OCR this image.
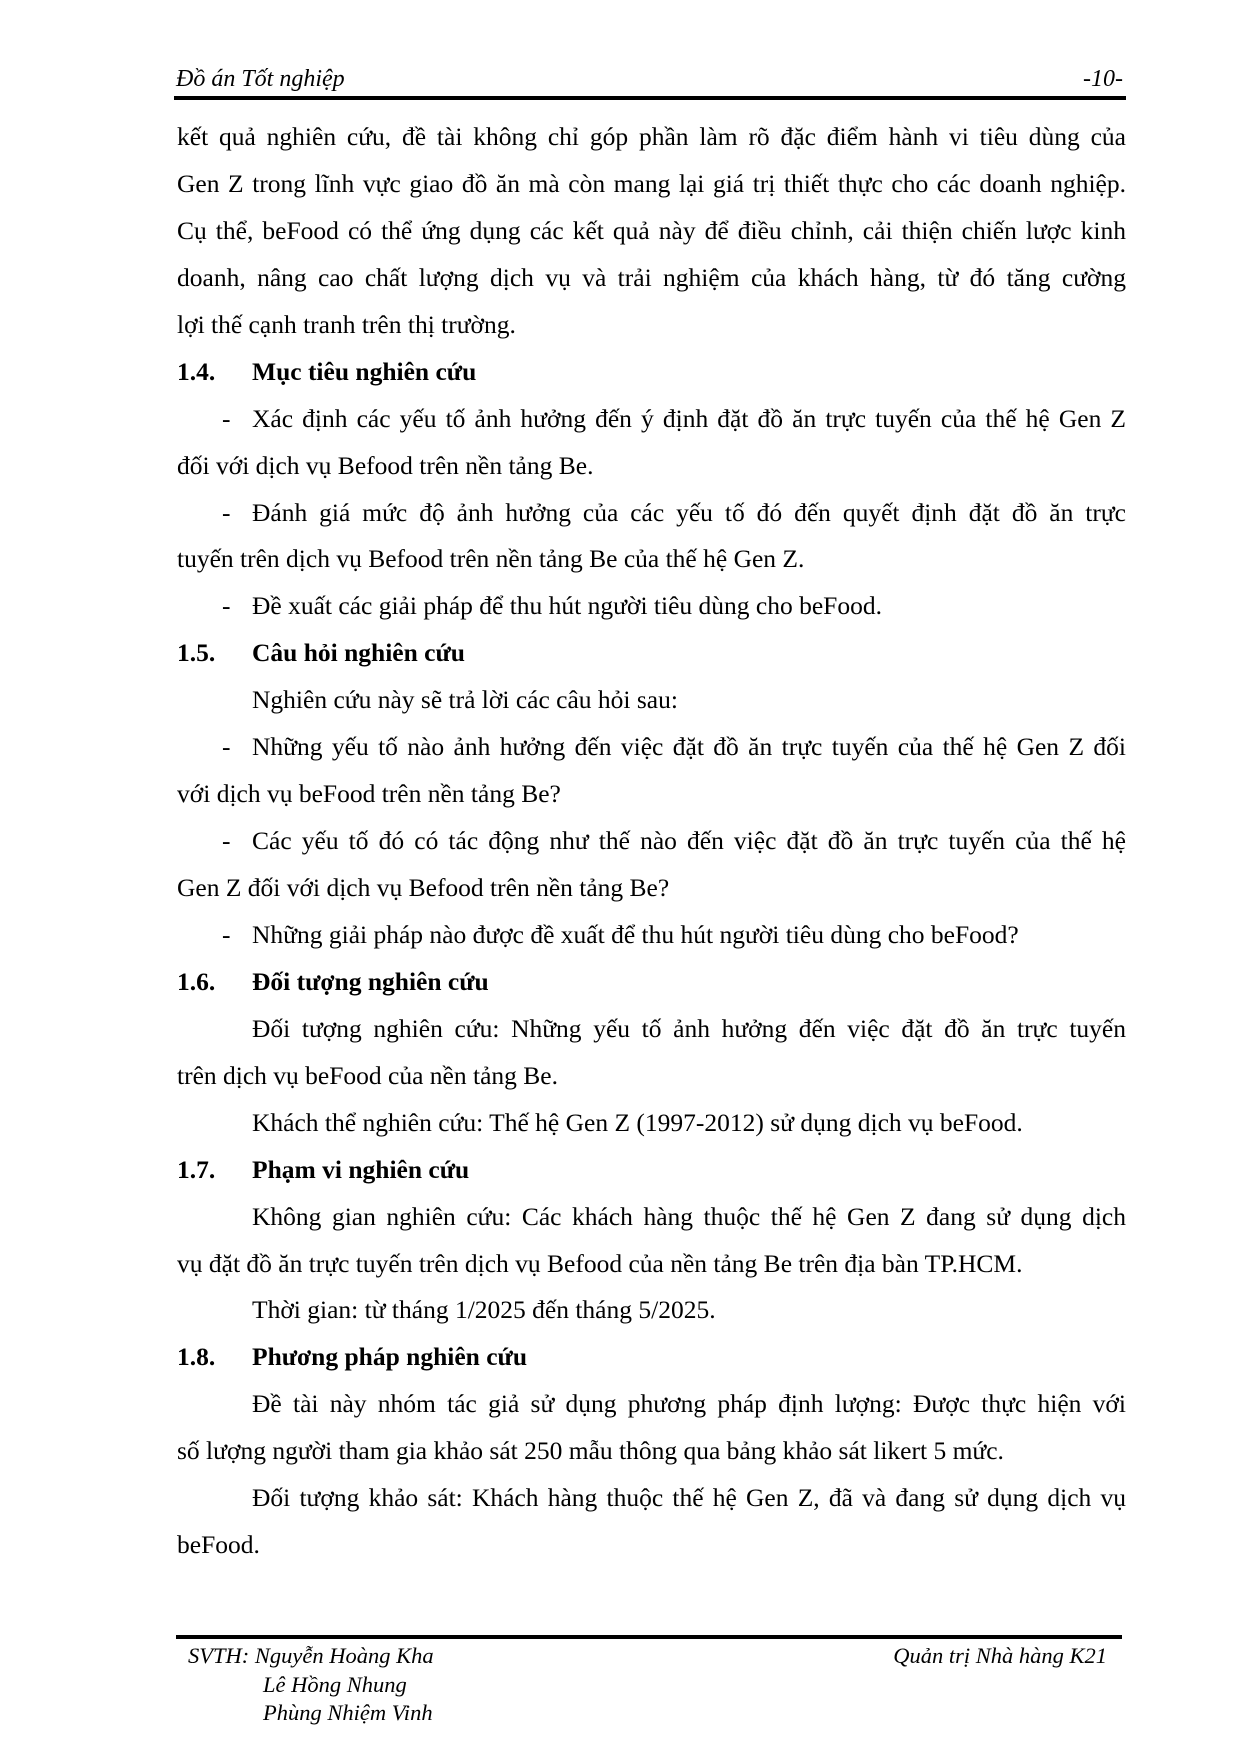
Đồ án Tốt nghiệp	-10-

kết quả nghiên cứu, đề tài không chỉ góp phần làm rõ đặc điểm hành vi tiêu dùng của

Gen Z trong lĩnh vực giao đồ ăn mà còn mang lại giá trị thiết thực cho các doanh nghiệp.

Cụ thể, beFood có thể ứng dụng các kết quả này để điều chỉnh, cải thiện chiến lược kinh

doanh, nâng cao chất lượng dịch vụ và trải nghiệm của khách hàng, từ đó tăng cường

lợi thế cạnh tranh trên thị trường.

1.4. Mục tiêu nghiên cứu

- Xác định các yếu tố ảnh hưởng đến ý định đặt đồ ăn trực tuyến của thế hệ Gen Z

đối với dịch vụ Befood trên nền tảng Be.

- Đánh giá mức độ ảnh hưởng của các yếu tố đó đến quyết định đặt đồ ăn trực

tuyến trên dịch vụ Befood trên nền tảng Be của thế hệ Gen Z.

- Đề xuất các giải pháp để thu hút người tiêu dùng cho beFood.

1.5. Câu hỏi nghiên cứu

Nghiên cứu này sẽ trả lời các câu hỏi sau:

- Những yếu tố nào ảnh hưởng đến việc đặt đồ ăn trực tuyến của thế hệ Gen Z đối

với dịch vụ beFood trên nền tảng Be?

- Các yếu tố đó có tác động như thế nào đến việc đặt đồ ăn trực tuyến của thế hệ

Gen Z đối với dịch vụ Befood trên nền tảng Be?

- Những giải pháp nào được đề xuất để thu hút người tiêu dùng cho beFood?

1.6. Đối tượng nghiên cứu

Đối tượng nghiên cứu: Những yếu tố ảnh hưởng đến việc đặt đồ ăn trực tuyến

trên dịch vụ beFood của nền tảng Be.

Khách thể nghiên cứu: Thế hệ Gen Z (1997-2012) sử dụng dịch vụ beFood.

1.7. Phạm vi nghiên cứu

Không gian nghiên cứu: Các khách hàng thuộc thế hệ Gen Z đang sử dụng dịch

vụ đặt đồ ăn trực tuyến trên dịch vụ Befood của nền tảng Be trên địa bàn TP.HCM.

Thời gian: từ tháng 1/2025 đến tháng 5/2025.

1.8. Phương pháp nghiên cứu

Đề tài này nhóm tác giả sử dụng phương pháp định lượng: Được thực hiện với

số lượng người tham gia khảo sát 250 mẫu thông qua bảng khảo sát likert 5 mức.

Đối tượng khảo sát: Khách hàng thuộc thế hệ Gen Z, đã và đang sử dụng dịch vụ

beFood.

SVTH: Nguyễn Hoàng Kha
Lê Hồng Nhung
Phùng Nhiệm Vinh
Quản trị Nhà hàng K21
